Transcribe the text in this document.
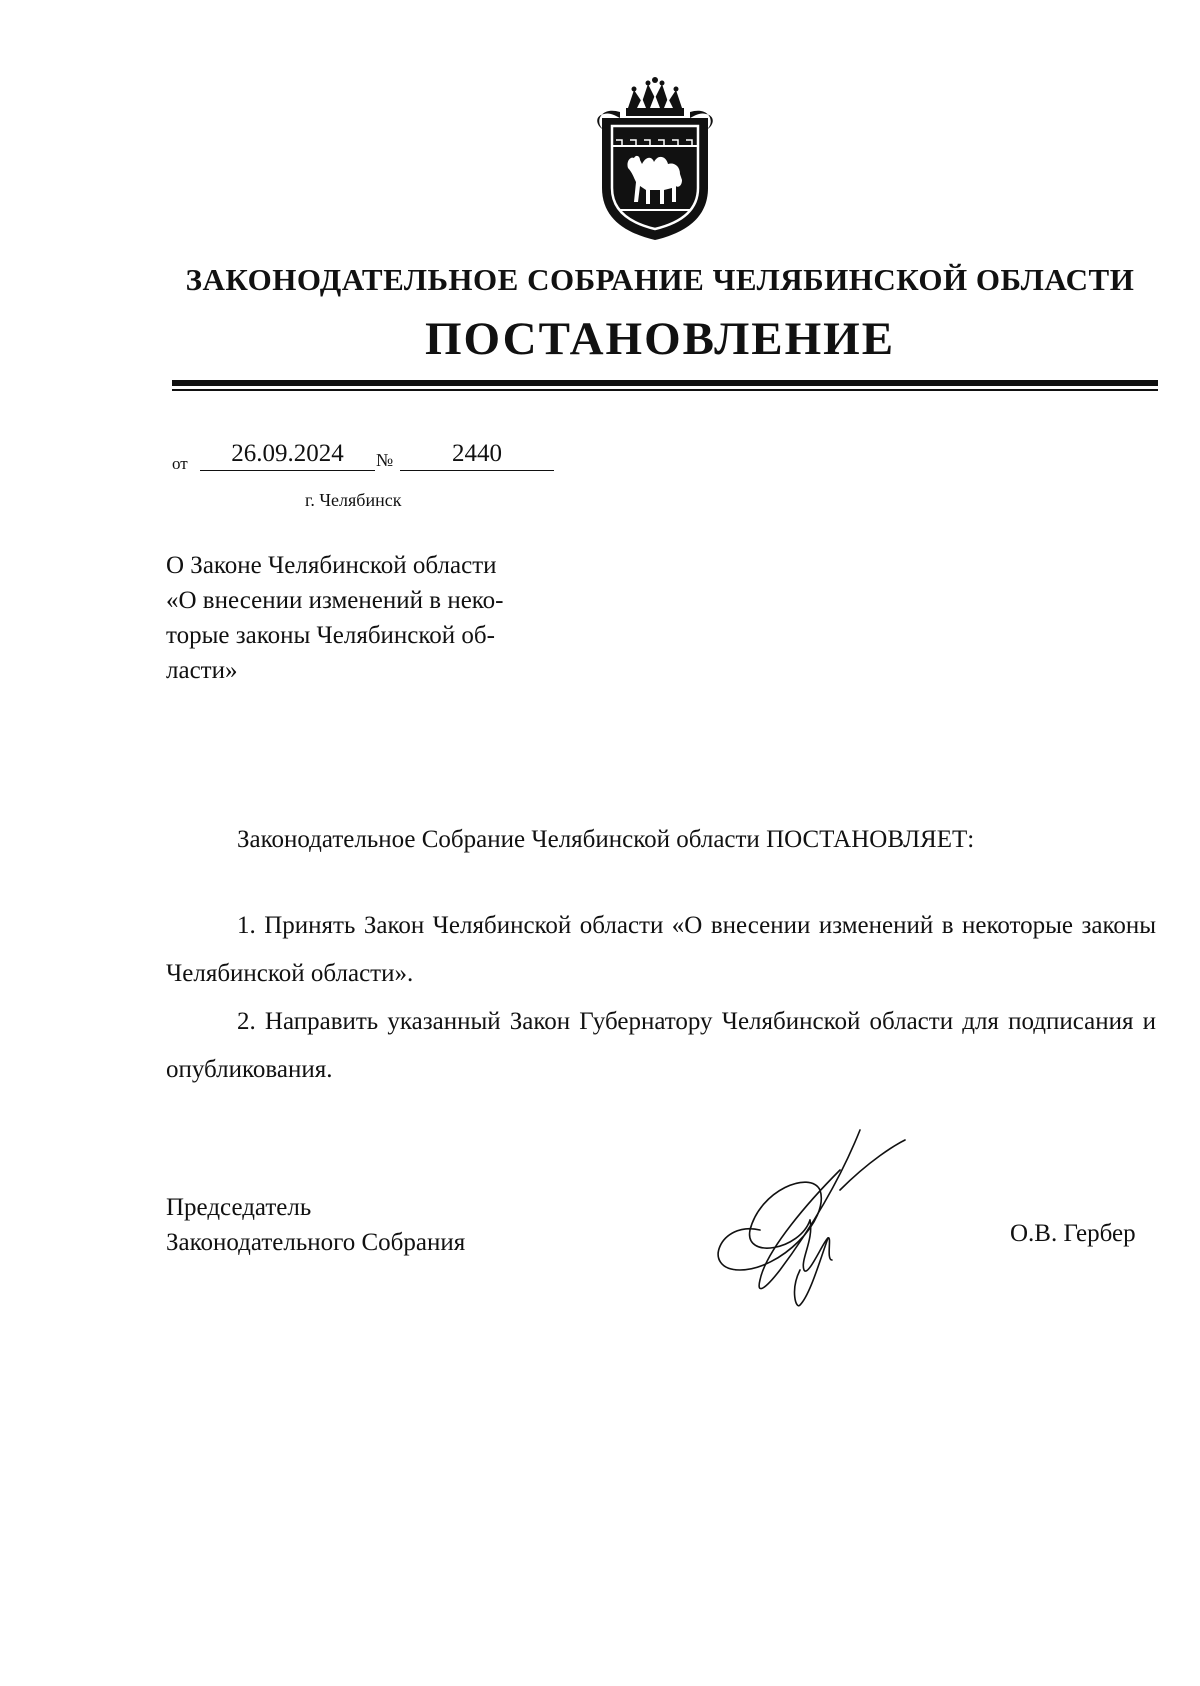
ЗАКОНОДАТЕЛЬНОЕ СОБРАНИЕ ЧЕЛЯБИНСКОЙ ОБЛАСТИ
ПОСТАНОВЛЕНИЕ
от	26.09.2024	№	2440
г. Челябинск
О Законе Челябинской области
«О внесении изменений в неко-
торые законы Челябинской об-
ласти»
Законодательное Собрание Челябинской области ПОСТАНОВЛЯЕТ:

1. Принять Закон Челябинской области «О внесении изменений в некоторые законы Челябинской области».

2. Направить указанный Закон Губернатору Челябинской области для подписания и опубликования.

Председатель
Законодательного Собрания	О.В. Гербер
